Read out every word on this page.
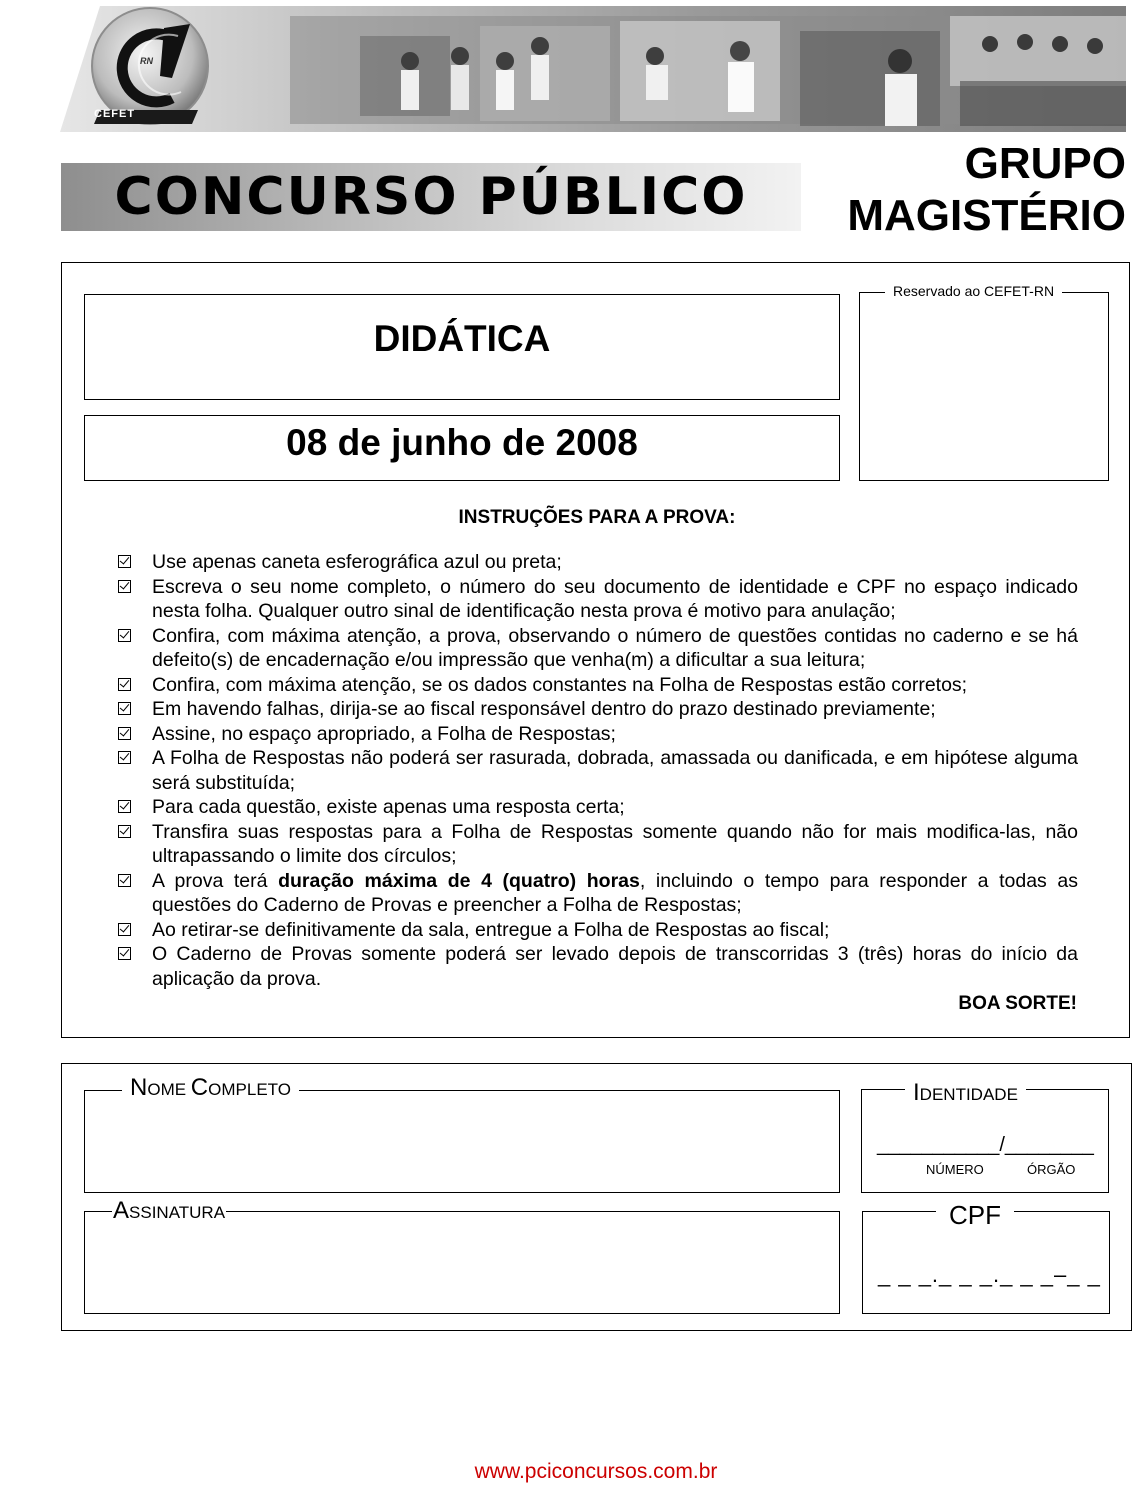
RN
CEFET
CONCURSO PÚBLICO
GRUPO
MAGISTÉRIO
DIDÁTICA
08 de junho de 2008
Reservado ao CEFET-RN
INSTRUÇÕES PARA A PROVA:
Use apenas caneta esferográfica azul ou preta;
Escreva o seu nome completo, o número do seu documento de identidade e CPF no espaço indicado nesta folha. Qualquer outro sinal de identificação nesta prova é motivo para anulação;
Confira, com máxima atenção, a prova, observando o número de questões contidas no caderno e se há defeito(s) de encadernação e/ou impressão que venha(m) a dificultar a sua leitura;
Confira, com máxima atenção, se os dados constantes na Folha de Respostas estão corretos;
Em havendo falhas, dirija-se ao fiscal responsável dentro do prazo destinado previamente;
Assine, no espaço apropriado, a Folha de Respostas;
A Folha de Respostas não poderá ser rasurada, dobrada, amassada ou danificada, e em hipótese alguma será substituída;
Para cada questão, existe apenas uma resposta certa;
Transfira suas respostas para a Folha de Respostas somente quando não for mais modifica-las, não ultrapassando o limite dos círculos;
A prova terá duração máxima de 4 (quatro) horas, incluindo o tempo para responder a todas as questões do Caderno de Provas e preencher a Folha de Respostas;
Ao retirar-se definitivamente da sala, entregue a Folha de Respostas ao fiscal;
O Caderno de Provas somente poderá ser levado depois de transcorridas 3 (três) horas do início da aplicação da prova.
BOA SORTE!
NOME COMPLETO
ASSINATURA
IDENTIDADE
___________/________
NÚMERO	ÓRGÃO
CPF
_ _ _._ _ _._ _ _–_ _
www.pciconcursos.com.br
